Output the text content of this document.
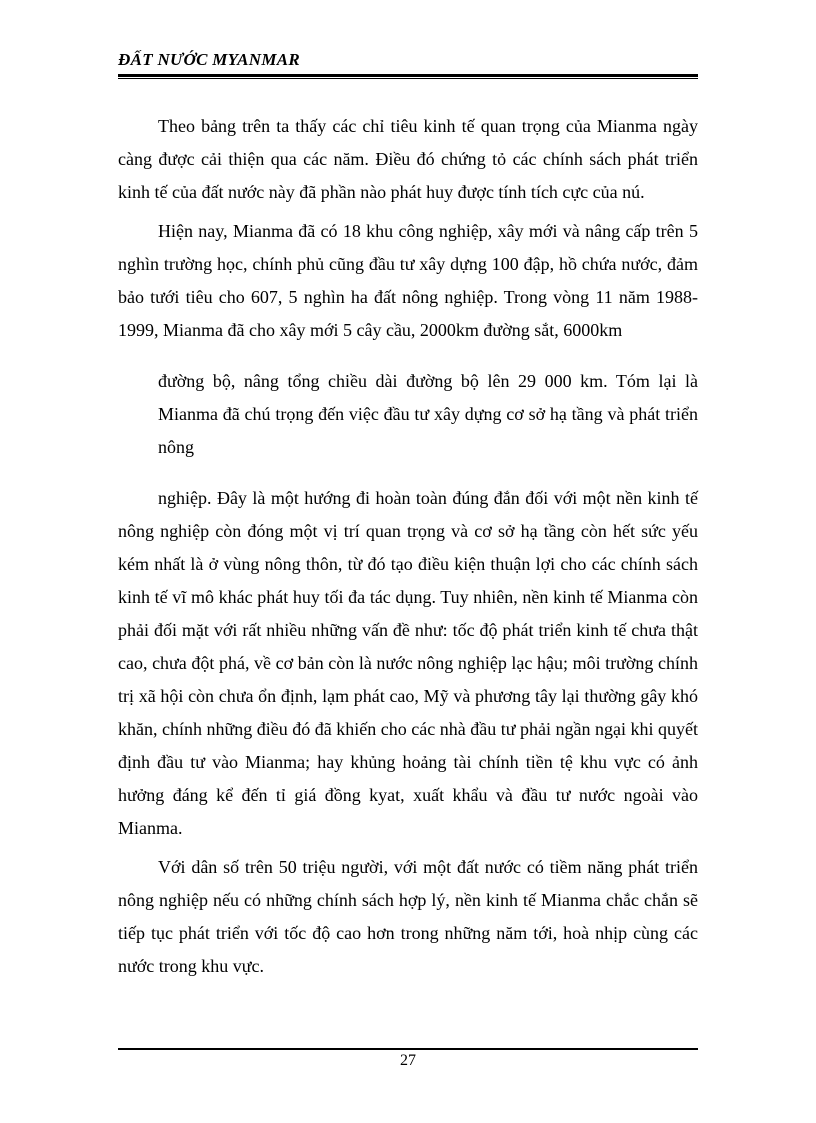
ĐẤT NƯỚC MYANMAR

Theo bảng trên ta thấy các chỉ tiêu kinh tế quan trọng của Mianma ngày càng được cải thiện qua các năm. Điều đó chứng tỏ các chính sách phát triển kinh tế của đất nước này đã phần nào phát huy được tính tích cực của nú.

Hiện nay, Mianma đã có 18 khu công nghiệp, xây mới và nâng cấp trên 5 nghìn trường học, chính phủ cũng đầu tư xây dựng 100 đập, hồ chứa nước, đảm bảo tưới tiêu cho 607, 5 nghìn ha đất nông nghiệp. Trong vòng 11 năm 1988-1999, Mianma đã cho xây mới 5 cây cầu, 2000km đường sắt, 6000km

đường bộ, nâng tổng chiều dài đường bộ lên 29 000 km. Tóm lại là Mianma đã chú trọng đến việc đầu tư xây dựng cơ sở hạ tầng và phát triển nông

nghiệp. Đây là một hướng đi hoàn toàn đúng đắn đối với một nền kinh tế nông nghiệp còn đóng một vị trí quan trọng và cơ sở hạ tầng còn hết sức yếu kém nhất là ở vùng nông thôn, từ đó tạo điều kiện thuận lợi cho các chính sách kinh tế vĩ mô khác phát huy tối đa tác dụng. Tuy nhiên, nền kinh tế Mianma còn phải đối mặt với rất nhiều những vấn đề như: tốc độ phát triển kinh tế chưa thật cao, chưa đột phá, về cơ bản còn là nước nông nghiệp lạc hậu; môi trường chính trị xã hội còn chưa ổn định, lạm phát cao, Mỹ và phương tây lại thường gây khó khăn, chính những điều đó đã khiến cho các nhà đầu tư phải ngần ngại khi quyết định đầu tư vào Mianma; hay khủng hoảng tài chính tiền tệ khu vực có ảnh hưởng đáng kể đến tỉ giá đồng kyat, xuất khẩu và đầu tư nước ngoài vào Mianma.

Với dân số trên 50 triệu người, với một đất nước có tiềm năng phát triển nông nghiệp nếu có những chính sách hợp lý, nền kinh tế Mianma chắc chắn sẽ tiếp tục phát triển với tốc độ cao hơn trong những năm tới, hoà nhịp cùng các nước trong khu vực.

27
